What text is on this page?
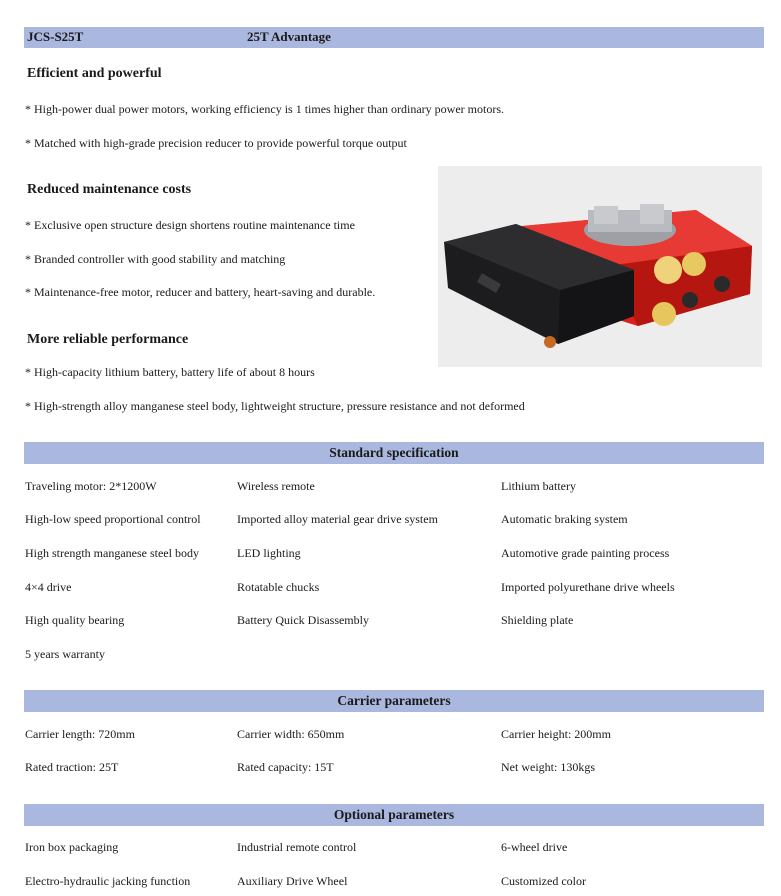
JCS-S25T	25T Advantage
Efficient and powerful
* High-power dual power motors, working efficiency is 1 times higher than ordinary power motors.
* Matched with high-grade precision reducer to provide powerful torque output
Reduced maintenance costs
* Exclusive open structure design shortens routine maintenance time
* Branded controller with good stability and matching
* Maintenance-free motor, reducer and battery, heart-saving and durable.
More reliable performance
* High-capacity lithium battery, battery life of about 8 hours
* High-strength alloy manganese steel body, lightweight structure, pressure resistance and not deformed
Standard specification
Traveling motor: 2*1200W	Wireless remote	Lithium battery
High-low speed proportional control	Imported alloy material gear drive system	Automatic braking system
High strength manganese steel body	LED lighting	Automotive grade painting process
4×4 drive	Rotatable chucks	Imported polyurethane drive wheels
High quality bearing	Battery Quick Disassembly	Shielding plate
5 years warranty
Carrier parameters
Carrier length: 720mm	Carrier width: 650mm	Carrier height: 200mm
Rated traction: 25T	Rated capacity: 15T	Net weight: 130kgs
Optional parameters
Iron box packaging	Industrial remote control	6-wheel drive
Electro-hydraulic jacking function	Auxiliary Drive Wheel	Customized color
